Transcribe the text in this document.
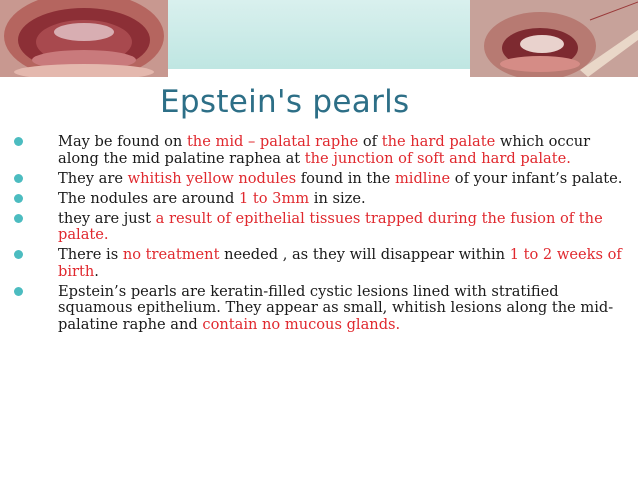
Epstein's pearls
May be found on the mid – palatal raphe of the hard palate which occur along the mid palatine raphea at the junction of soft and hard palate.
They are whitish yellow nodules found in the midline of your infant’s palate.
The nodules are around 1 to 3mm in size.
they are just a result of epithelial tissues trapped during the fusion of the palate.
There is no treatment needed , as they will disappear within 1 to 2 weeks of birth.
Epstein’s pearls are keratin-filled cystic lesions lined with stratified squamous epithelium. They appear as small, whitish lesions along the mid-palatine raphe and contain no mucous glands.
